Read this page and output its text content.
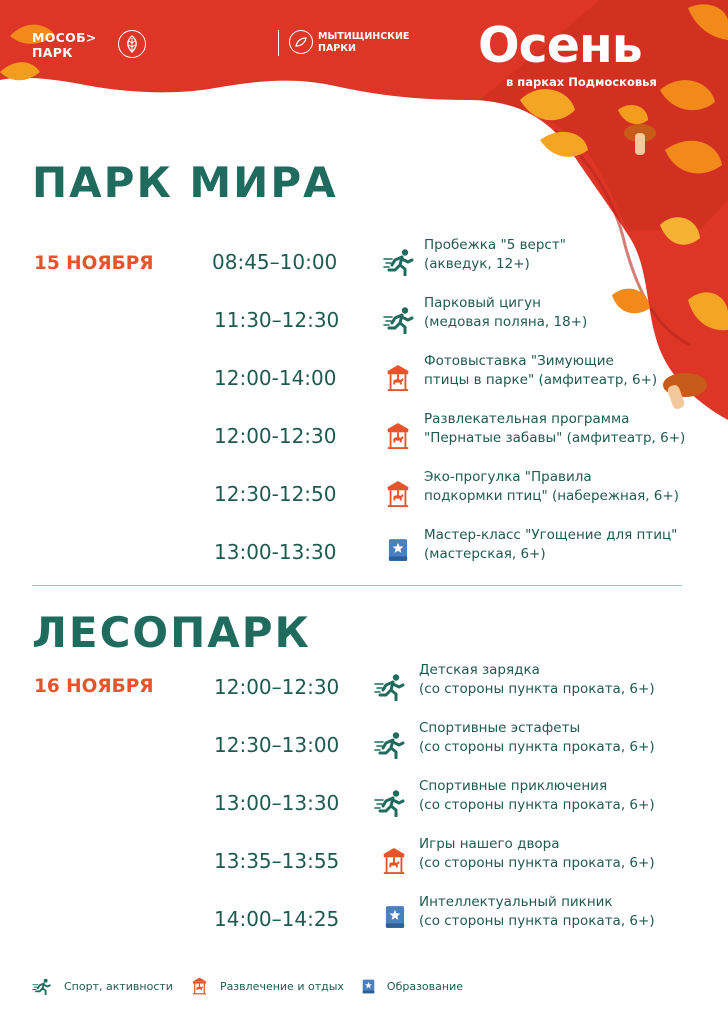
МОСОБ>
ПАРК
МЫТИЩИНСКИЕ
ПАРКИ	Осень
в парках Подмосковья
ПАРК МИРА
15 НОЯБРЯ	08:45–10:00
Пробежка "5 верст"
(акведук, 12+)
11:30–12:30
Парковый цигун
(медовая поляна, 18+)
12:00-14:00
Фотовыставка "Зимующие
птицы в парке" (амфитеатр, 6+)
12:00-12:30
Развлекательная программа
"Пернатые забавы" (амфитеатр, 6+)
12:30-12:50
Эко-прогулка "Правила
подкормки птиц" (набережная, 6+)
13:00-13:30
Мастер-класс "Угощение для птиц"
(мастерская, 6+)
ЛЕСОПАРК
16 НОЯБРЯ	12:00–12:30
Детская зарядка
(со стороны пункта проката, 6+)
12:30–13:00
Спортивные эстафеты
(со стороны пункта проката, 6+)
13:00–13:30
Спортивные приключения
(со стороны пункта проката, 6+)
13:35–13:55
Игры нашего двора
(со стороны пункта проката, 6+)
14:00–14:25
Интеллектуальный пикник
(со стороны пункта проката, 6+)
Спорт, активности	Развлечение и отдых	Образование
